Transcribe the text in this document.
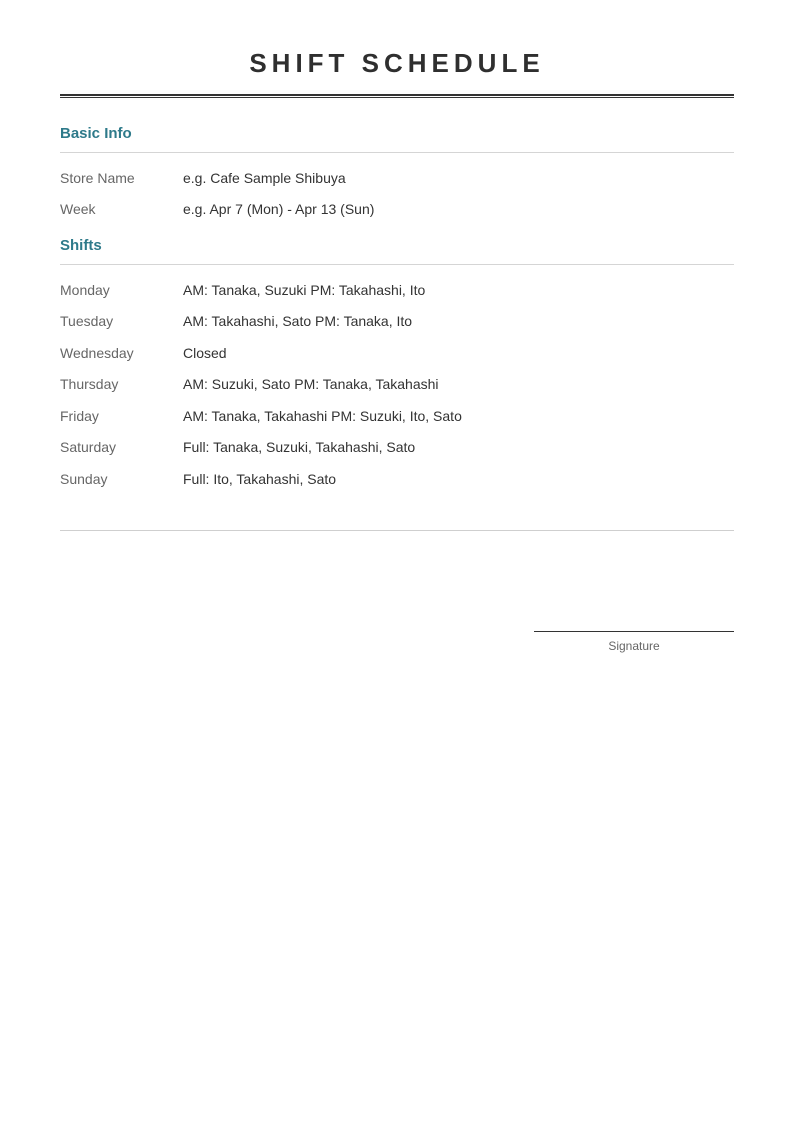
SHIFT SCHEDULE
Basic Info
Store Name	e.g. Cafe Sample Shibuya
Week	e.g. Apr 7 (Mon) - Apr 13 (Sun)
Shifts
Monday	AM: Tanaka, Suzuki PM: Takahashi, Ito
Tuesday	AM: Takahashi, Sato PM: Tanaka, Ito
Wednesday	Closed
Thursday	AM: Suzuki, Sato PM: Tanaka, Takahashi
Friday	AM: Tanaka, Takahashi PM: Suzuki, Ito, Sato
Saturday	Full: Tanaka, Suzuki, Takahashi, Sato
Sunday	Full: Ito, Takahashi, Sato
Signature
